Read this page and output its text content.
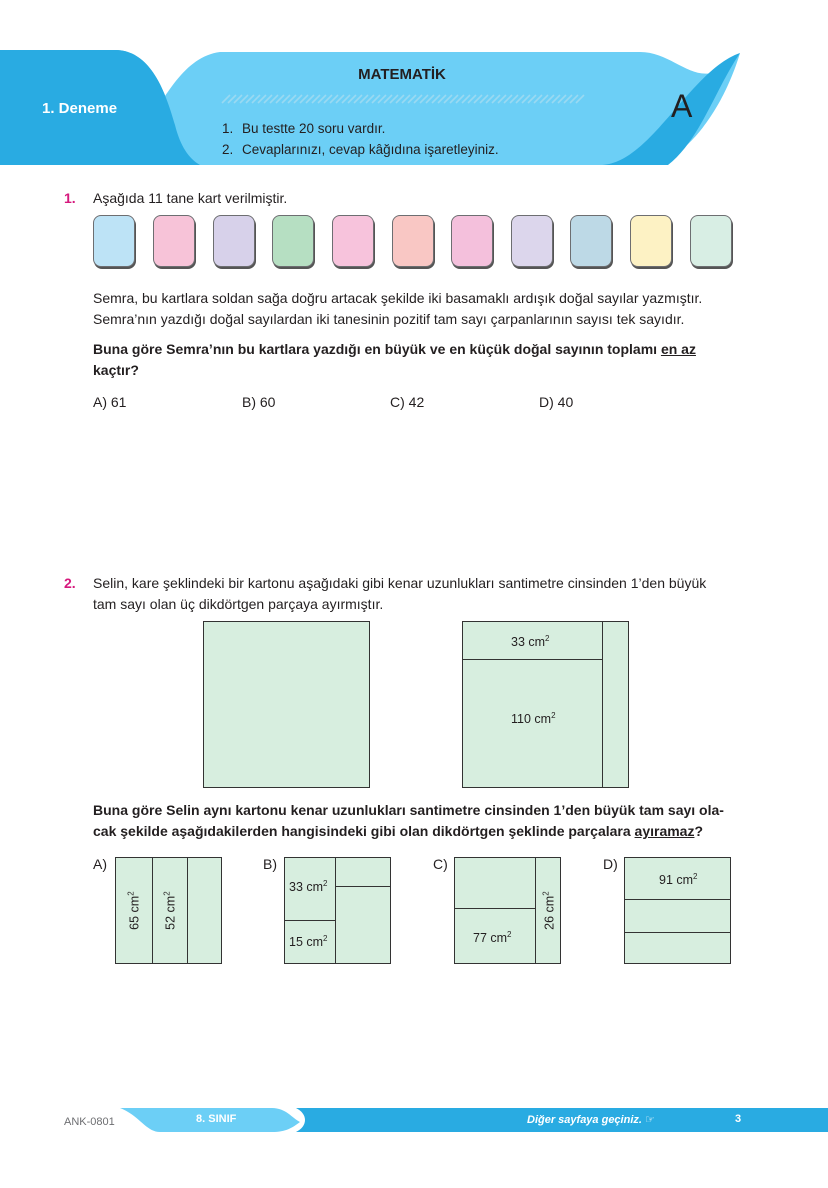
MATEMATİK
1. Deneme	A
1. Bu testte 20 soru vardır.
2. Cevaplarınızı, cevap kâğıdına işaretleyiniz.
1. Aşağıda 11 tane kart verilmiştir.
Semra, bu kartlara soldan sağa doğru artacak şekilde iki basamaklı ardışık doğal sayılar yazmıştır.
Semra’nın yazdığı doğal sayılardan iki tanesinin pozitif tam sayı çarpanlarının sayısı tek sayıdır.
Buna göre Semra’nın bu kartlara yazdığı en büyük ve en küçük doğal sayının toplamı en az
kaçtır?
A) 61	B) 60	C) 42	D) 40
2. Selin, kare şeklindeki bir kartonu aşağıdaki gibi kenar uzunlukları santimetre cinsinden 1’den büyük
tam sayı olan üç dikdörtgen parçaya ayırmıştır.
33 $cm^2$
110 $cm^2$
Buna göre Selin aynı kartonu kenar uzunlukları santimetre cinsinden 1’den büyük tam sayı ola-
cak şekilde aşağıdakilerden hangisindeki gibi olan dikdörtgen şeklinde parçalara ayıramaz?
A)
65 $cm^2$
52 $cm^2$
B)
33 $cm^2$
15 $cm^2$
C)
77 $cm^2$
26 $cm^2$
D)
91 $cm^2$
ANK-0801	8. SINIF	Diğer sayfaya geçiniz. ☞	3
